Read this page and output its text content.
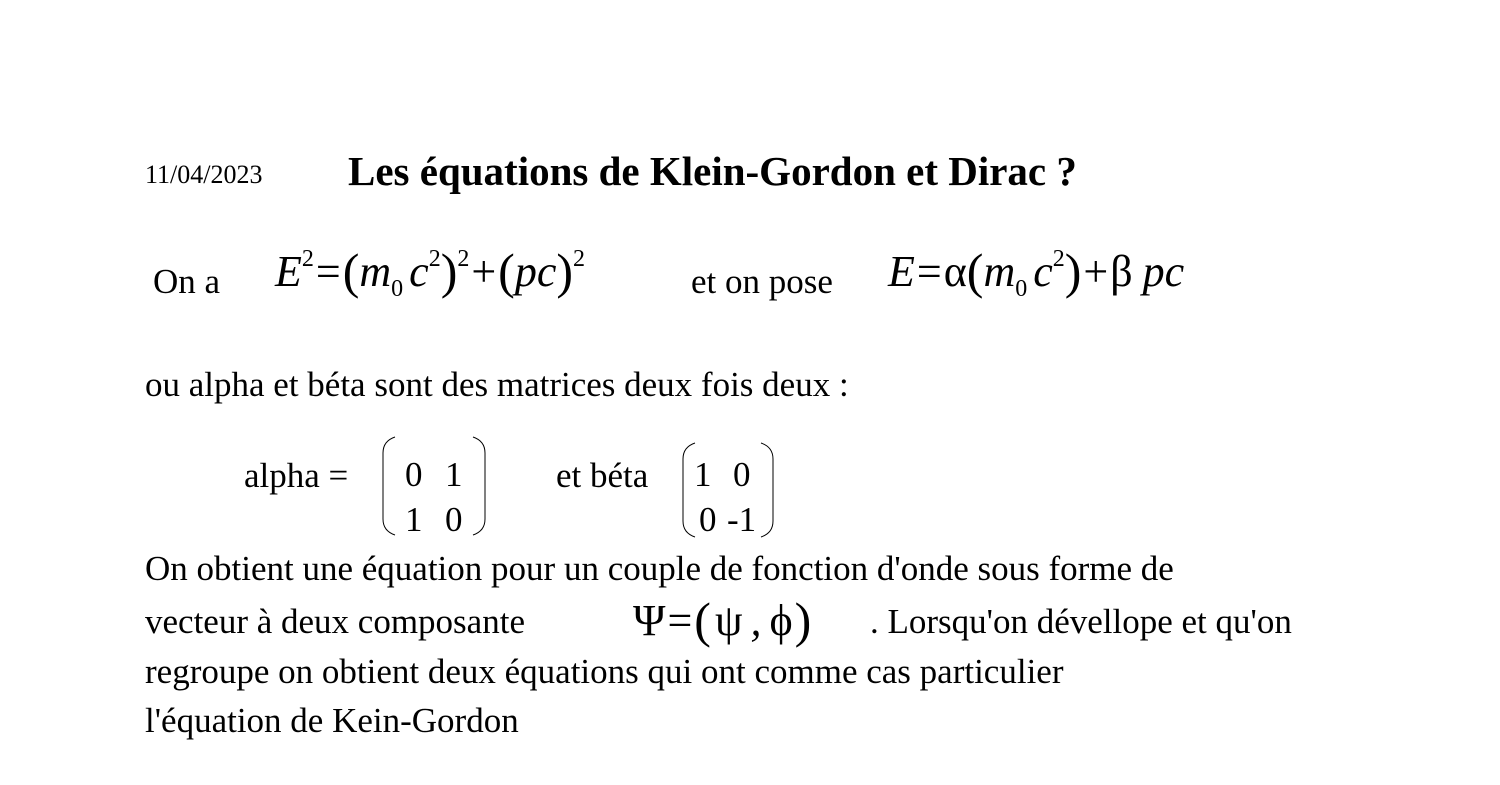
11/04/2023 Les équations de Klein-Gordon et Dirac ?
On a $E^2=(m_0$ $c^2)^2+(pc)^2$
et on pose $E=\alpha(m_0$ $c^2)+\beta$ pc
ou alpha et béta sont des matrices deux fois deux :
alpha = 0 1
1 0
et béta 1 0
0 -1
On obtient une équation pour un couple de fonction d'onde sous forme de
vecteur à deux composante Ψ=(ψ , ϕ) . Lorsqu'on dévellope et qu'on
regroupe on obtient deux équations qui ont comme cas particulier
l'équation de Kein-Gordon
